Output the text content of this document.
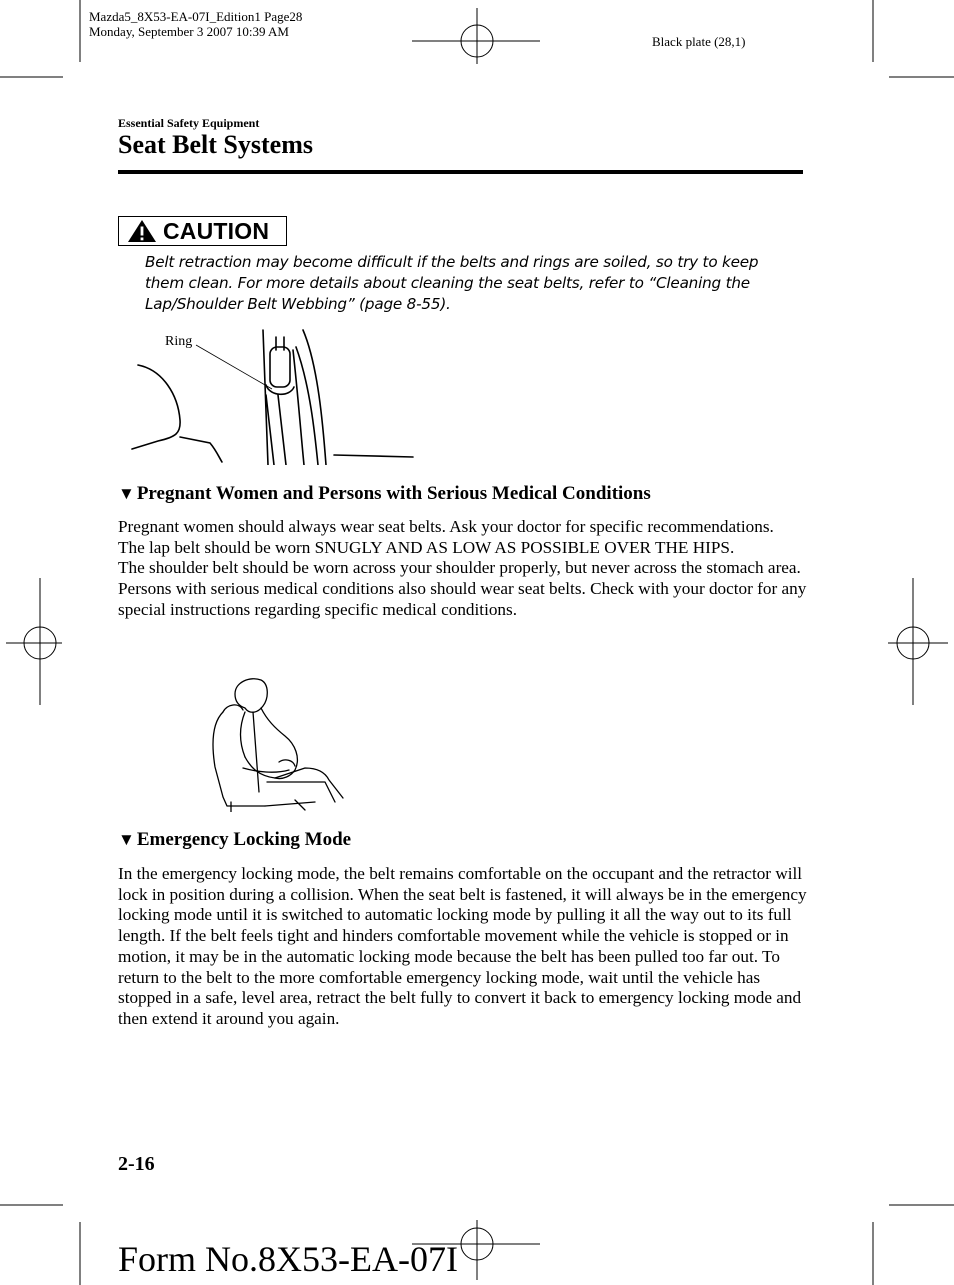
Mazda5_8X53-EA-07I_Edition1 Page28
Monday, September 3 2007 10:39 AM
Black plate (28,1)
Essential Safety Equipment
Seat Belt Systems
CAUTION
Belt retraction may become difficult if the belts and rings are soiled, so try to keep them clean. For more details about cleaning the seat belts, refer to “Cleaning the Lap/Shoulder Belt Webbing” (page 8-55).
Ring
▼ Pregnant Women and Persons with Serious Medical Conditions

Pregnant women should always wear seat belts. Ask your doctor for specific recommendations.

The lap belt should be worn SNUGLY AND AS LOW AS POSSIBLE OVER THE HIPS.

The shoulder belt should be worn across your shoulder properly, but never across the stomach area.

Persons with serious medical conditions also should wear seat belts. Check with your doctor for any special instructions regarding specific medical conditions.

▼ Emergency Locking Mode

In the emergency locking mode, the belt remains comfortable on the occupant and the retractor will lock in position during a collision. When the seat belt is fastened, it will always be in the emergency locking mode until it is switched to automatic locking mode by pulling it all the way out to its full length. If the belt feels tight and hinders comfortable movement while the vehicle is stopped or in motion, it may be in the automatic locking mode because the belt has been pulled too far out. To return to the belt to the more comfortable emergency locking mode, wait until the vehicle has stopped in a safe, level area, retract the belt fully to convert it back to emergency locking mode and then extend it around you again.

2-16
Form No.8X53-EA-07I
